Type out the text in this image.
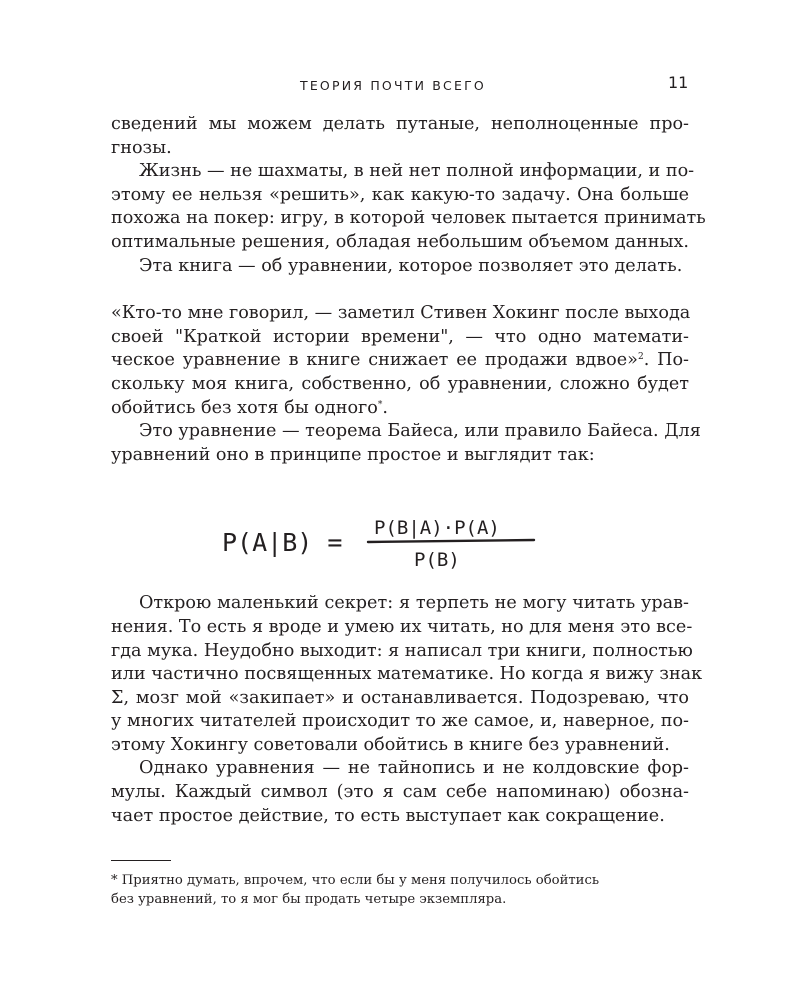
ТЕОРИЯ ПОЧТИ ВСЕГО	11

сведений мы можем делать путаные, неполноценные про-
гнозы.

Жизнь — не шахматы, в ней нет полной информации, и по-
этому ее нельзя «решить», как какую-то задачу. Она больше
похожа на покер: игру, в которой человек пытается принимать
оптимальные решения, обладая небольшим объемом данных.

Эта книга — об уравнении, которое позволяет это делать.

«Кто-то мне говорил, — заметил Стивен Хокинг после выхода
своей "Краткой истории времени", — что одно математи-
ческое уравнение в книге снижает ее продажи вдвое»$^2$. По-
скольку моя книга, собственно, об уравнении, сложно будет
обойтись без хотя бы одного*.

Это уравнение — теорема Байеса, или правило Байеса. Для
уравнений оно в принципе простое и выглядит так:

Открою маленький секрет: я терпеть не могу читать урав-
нения. То есть я вроде и умею их читать, но для меня это все-
гда мука. Неудобно выходит: я написал три книги, полностью
или частично посвященных математике. Но когда я вижу знак
Σ, мозг мой «закипает» и останавливается. Подозреваю, что
у многих читателей происходит то же самое, и, наверное, по-
этому Хокингу советовали обойтись в книге без уравнений.

Однако уравнения — не тайнопись и не колдовские фор-
мулы. Каждый символ (это я сам себе напоминаю) обозна-
чает простое действие, то есть выступает как сокращение.

P(A|B) = P(B|A)·P(A)
P(B)
* Приятно думать, впрочем, что если бы у меня получилось обойтись
без уравнений, то я мог бы продать четыре экземпляра.
